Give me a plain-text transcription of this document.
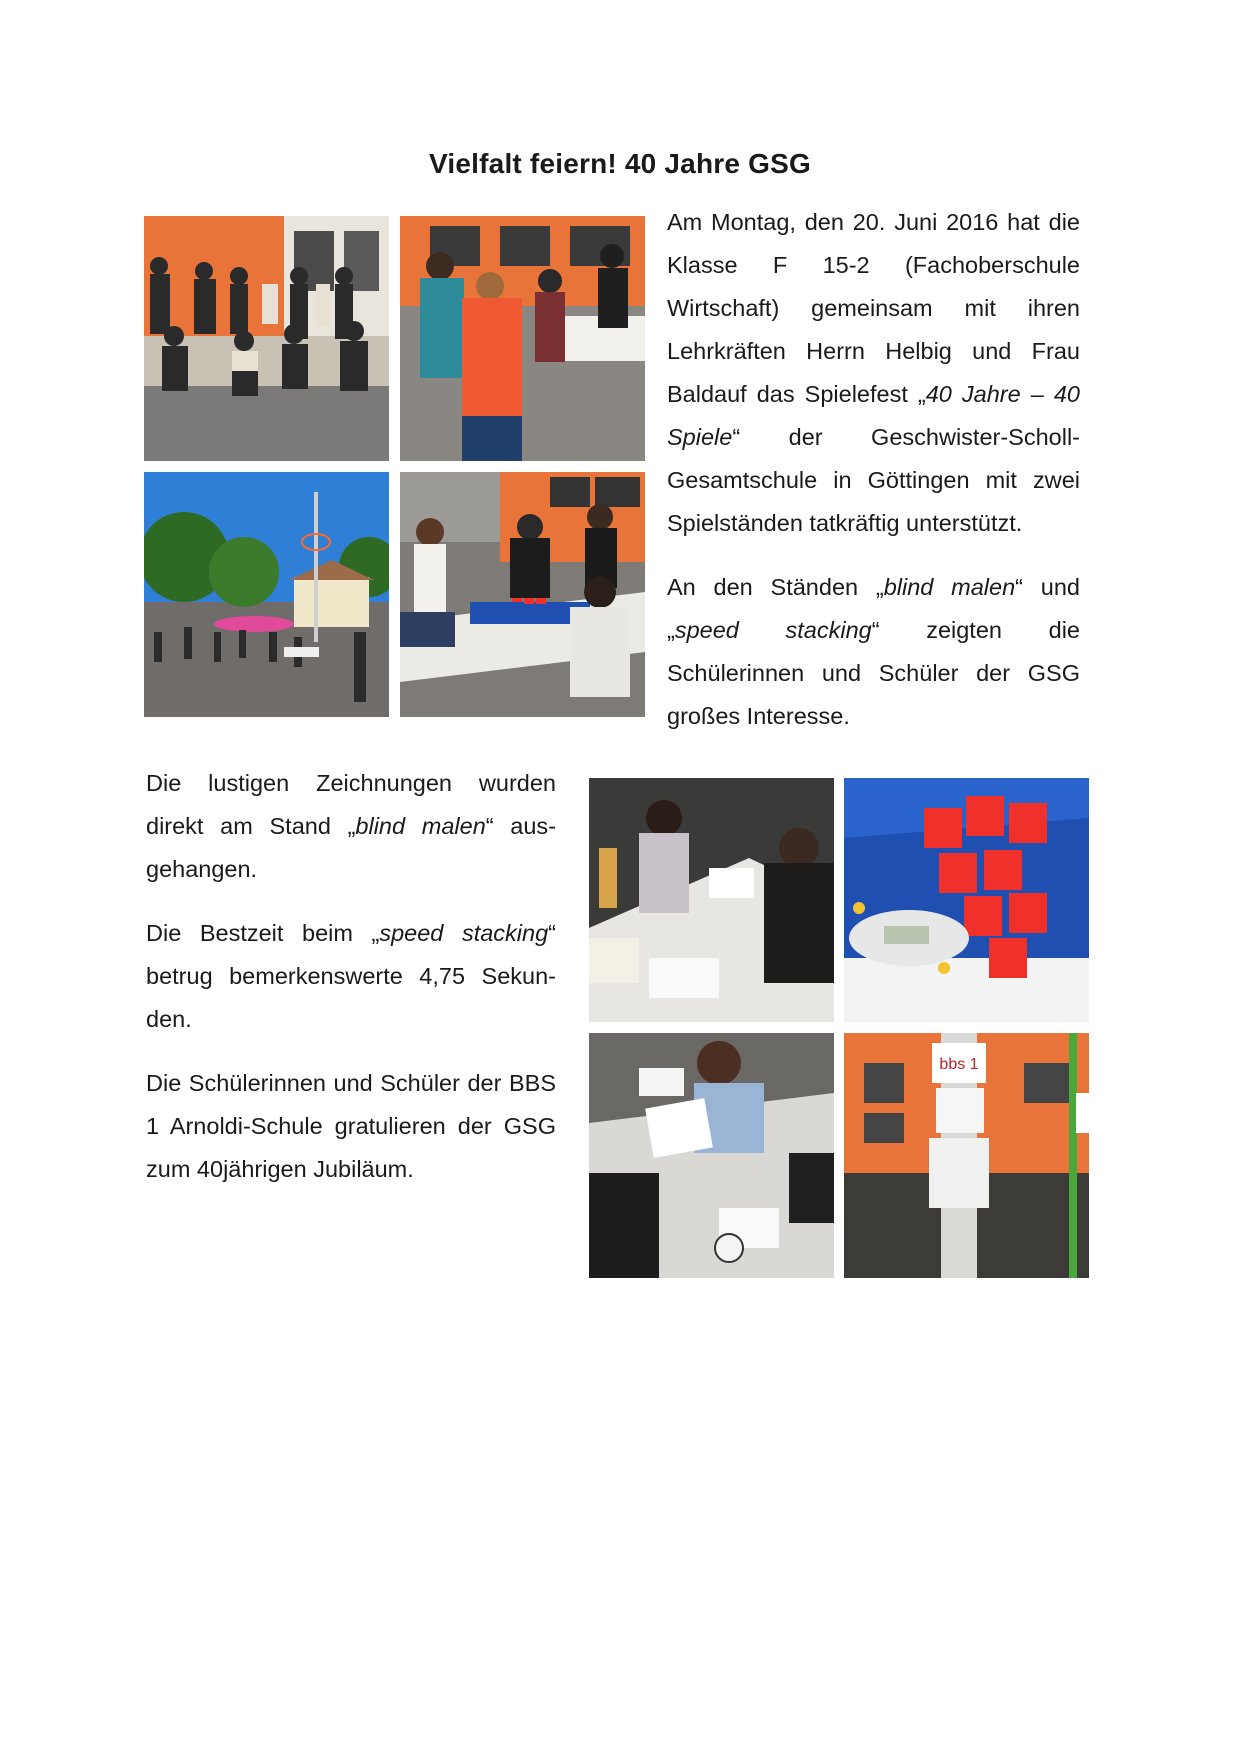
Vielfalt feiern! 40 Jahre GSG

Am Montag, den 20. Juni 2016 hat die Klasse F 15-2 (Fachoberschule Wirtschaft) gemeinsam mit ihren Lehrkräften Herrn Helbig und Frau Baldauf das Spielefest „40 Jahre – 40 Spiele“ der Geschwister-Scholl-Gesamtschule in Göttingen mit zwei Spielständen tatkräftig unterstützt.

An den Ständen „blind malen“ und „speed stacking“ zeigten die Schülerinnen und Schüler der GSG großes Interesse.

Die lustigen Zeichnungen wurden direkt am Stand „blind malen“ ausgehangen.

Die Bestzeit beim „speed stacking“ betrug bemerkenswerte 4,75 Sekunden.

Die Schülerinnen und Schüler der BBS 1 Arnoldi-Schule gratulieren der GSG zum 40jährigen Jubiläum.

bbs 1
